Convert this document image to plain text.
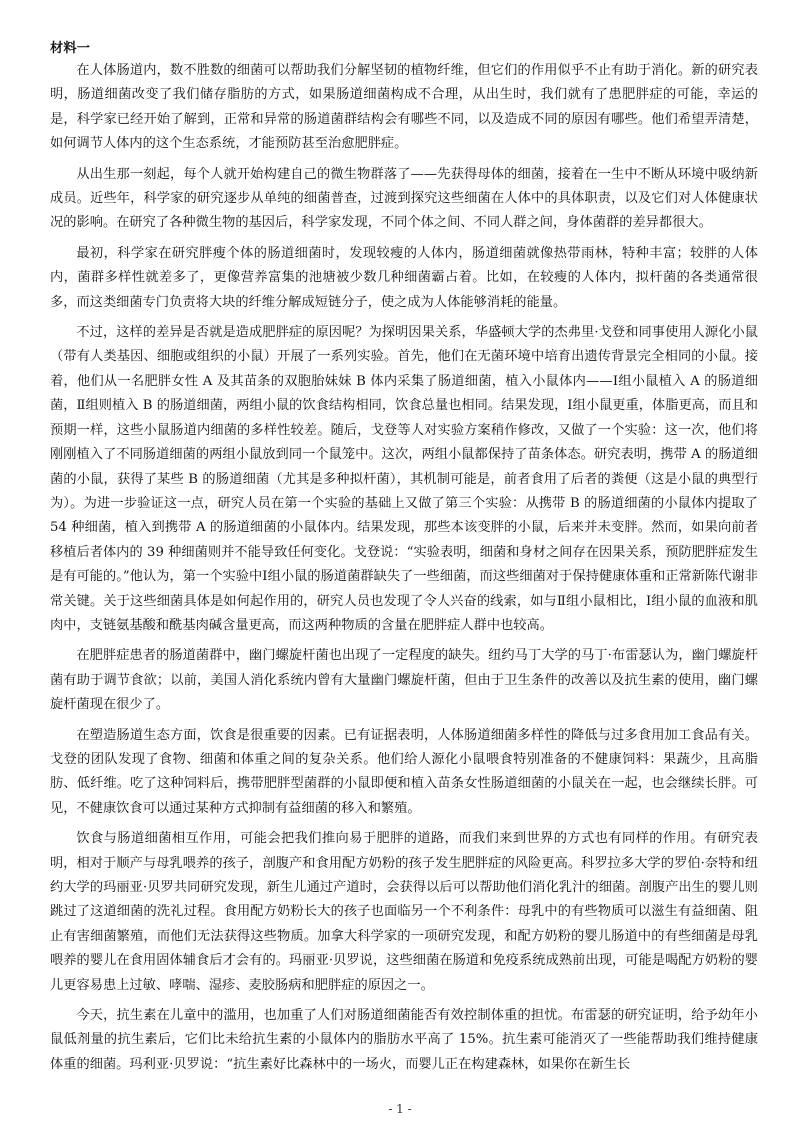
材料一

在人体肠道内，数不胜数的细菌可以帮助我们分解坚韧的植物纤维，但它们的作用似乎不止有助于消化。新的研究表明，肠道细菌改变了我们储存脂肪的方式，如果肠道细菌构成不合理，从出生时，我们就有了患肥胖症的可能，幸运的是，科学家已经开始了解到，正常和异常的肠道菌群结构会有哪些不同，以及造成不同的原因有哪些。他们希望弄清楚，如何调节人体内的这个生态系统，才能预防甚至治愈肥胖症。

从出生那一刻起，每个人就开始构建自己的微生物群落了——先获得母体的细菌，接着在一生中不断从环境中吸纳新成员。近些年，科学家的研究逐步从单纯的细菌普查，过渡到探究这些细菌在人体中的具体职责，以及它们对人体健康状况的影响。在研究了各种微生物的基因后，科学家发现，不同个体之间、不同人群之间，身体菌群的差异都很大。

最初，科学家在研究胖瘦个体的肠道细菌时，发现较瘦的人体内，肠道细菌就像热带雨林，特种丰富；较胖的人体内，菌群多样性就差多了，更像营养富集的池塘被少数几种细菌霸占着。比如，在较瘦的人体内，拟杆菌的各类通常很多，而这类细菌专门负责将大块的纤维分解成短链分子，使之成为人体能够消耗的能量。

不过，这样的差异是否就是造成肥胖症的原因呢？为探明因果关系，华盛顿大学的杰弗里·戈登和同事使用人源化小鼠（带有人类基因、细胞或组织的小鼠）开展了一系列实验。首先，他们在无菌环境中培育出遗传背景完全相同的小鼠。接着，他们从一名肥胖女性 A 及其苗条的双胞胎妹妹 B 体内采集了肠道细菌，植入小鼠体内——Ⅰ组小鼠植入 A 的肠道细菌，Ⅱ组则植入 B 的肠道细菌，两组小鼠的饮食结构相同，饮食总量也相同。结果发现，Ⅰ组小鼠更重，体脂更高，而且和预期一样，这些小鼠肠道内细菌的多样性较差。随后，戈登等人对实验方案稍作修改，又做了一个实验：这一次，他们将刚刚植入了不同肠道细菌的两组小鼠放到同一个鼠笼中。这次，两组小鼠都保持了苗条体态。研究表明，携带 A 的肠道细菌的小鼠，获得了某些 B 的肠道细菌（尤其是多种拟杆菌），其机制可能是，前者食用了后者的粪便（这是小鼠的典型行为）。为进一步验证这一点，研究人员在第一个实验的基础上又做了第三个实验：从携带 B 的肠道细菌的小鼠体内提取了 54 种细菌，植入到携带 A 的肠道细菌的小鼠体内。结果发现，那些本该变胖的小鼠，后来并未变胖。然而，如果向前者移植后者体内的 39 种细菌则并不能导致任何变化。戈登说：“实验表明，细菌和身材之间存在因果关系，预防肥胖症发生是有可能的。”他认为，第一个实验中Ⅰ组小鼠的肠道菌群缺失了一些细菌，而这些细菌对于保持健康体重和正常新陈代谢非常关键。关于这些细菌具体是如何起作用的，研究人员也发现了令人兴奋的线索，如与Ⅱ组小鼠相比，Ⅰ组小鼠的血液和肌肉中，支链氨基酸和酰基肉碱含量更高，而这两种物质的含量在肥胖症人群中也较高。

在肥胖症患者的肠道菌群中，幽门螺旋杆菌也出现了一定程度的缺失。纽约马丁大学的马丁·布雷瑟认为，幽门螺旋杆菌有助于调节食欲；以前，美国人消化系统内曾有大量幽门螺旋杆菌，但由于卫生条件的改善以及抗生素的使用，幽门螺旋杆菌现在很少了。

在塑造肠道生态方面，饮食是很重要的因素。已有证据表明，人体肠道细菌多样性的降低与过多食用加工食品有关。戈登的团队发现了食物、细菌和体重之间的复杂关系。他们给人源化小鼠喂食特别准备的不健康饲料：果蔬少，且高脂肪、低纤维。吃了这种饲料后，携带肥胖型菌群的小鼠即便和植入苗条女性肠道细菌的小鼠关在一起，也会继续长胖。可见，不健康饮食可以通过某种方式抑制有益细菌的移入和繁殖。

饮食与肠道细菌相互作用，可能会把我们推向易于肥胖的道路，而我们来到世界的方式也有同样的作用。有研究表明，相对于顺产与母乳喂养的孩子，剖腹产和食用配方奶粉的孩子发生肥胖症的风险更高。科罗拉多大学的罗伯·奈特和纽约大学的玛丽亚·贝罗共同研究发现，新生儿通过产道时，会获得以后可以帮助他们消化乳汁的细菌。剖腹产出生的婴儿则跳过了这道细菌的洗礼过程。食用配方奶粉长大的孩子也面临另一个不利条件：母乳中的有些物质可以滋生有益细菌、阻止有害细菌繁殖，而他们无法获得这些物质。加拿大科学家的一项研究发现，和配方奶粉的婴儿肠道中的有些细菌是母乳喂养的婴儿在食用固体辅食后才会有的。玛丽亚·贝罗说，这些细菌在肠道和免疫系统成熟前出现，可能是喝配方奶粉的婴儿更容易患上过敏、哮喘、湿疹、麦胶肠病和肥胖症的原因之一。

今天，抗生素在儿童中的滥用，也加重了人们对肠道细菌能否有效控制体重的担忧。布雷瑟的研究证明，给予幼年小鼠低剂量的抗生素后，它们比未给抗生素的小鼠体内的脂肪水平高了 15%。抗生素可能消灭了一些能帮助我们维持健康体重的细菌。玛利亚·贝罗说：“抗生素好比森林中的一场火，而婴儿正在构建森林，如果你在新生长

- 1 -
